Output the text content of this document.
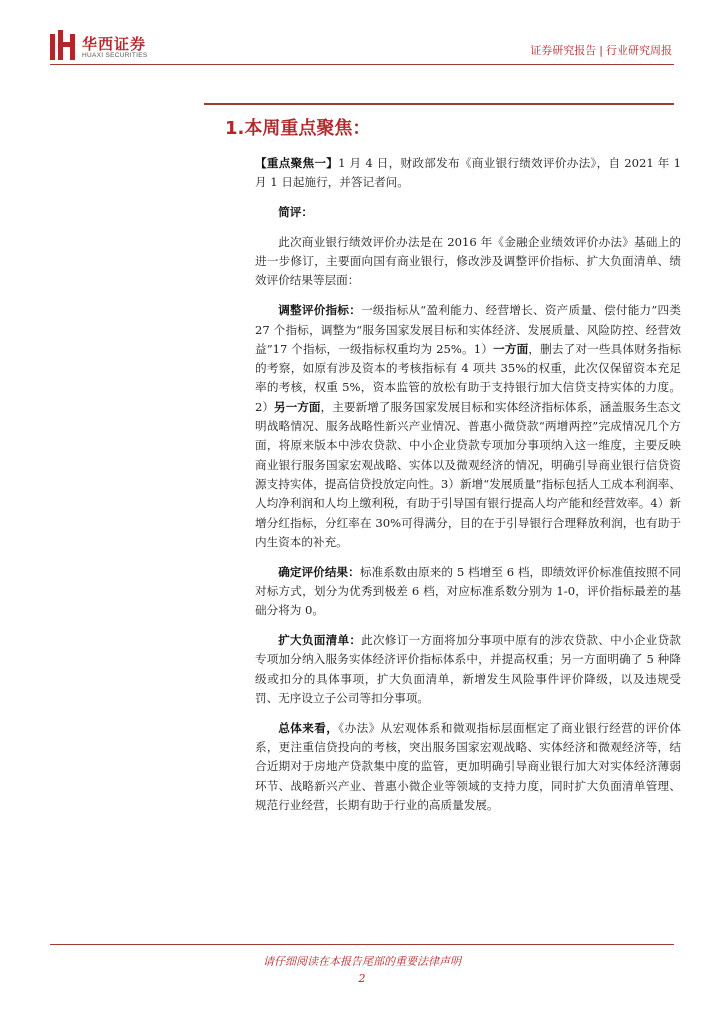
华西证券
HUAXI SECURITIES	证券研究报告 | 行业研究周报
1.本周重点聚焦：

【重点聚焦一】1 月 4 日，财政部发布《商业银行绩效评价办法》，自 2021 年 1 月 1 日起施行，并答记者问。

简评：

此次商业银行绩效评价办法是在 2016 年《金融企业绩效评价办法》基础上的进一步修订，主要面向国有商业银行，修改涉及调整评价指标、扩大负面清单、绩效评价结果等层面：

调整评价指标：一级指标从“盈利能力、经营增长、资产质量、偿付能力”四类 27 个指标，调整为“服务国家发展目标和实体经济、发展质量、风险防控、经营效益”17 个指标，一级指标权重均为 25%。1）一方面，删去了对一些具体财务指标的考察，如原有涉及资本的考核指标有 4 项共 35%的权重，此次仅保留资本充足率的考核，权重 5%，资本监管的放松有助于支持银行加大信贷支持实体的力度。2）另一方面，主要新增了服务国家发展目标和实体经济指标体系，涵盖服务生态文明战略情况、服务战略性新兴产业情况、普惠小微贷款“两增两控”完成情况几个方面，将原来版本中涉农贷款、中小企业贷款专项加分事项纳入这一维度，主要反映商业银行服务国家宏观战略、实体以及微观经济的情况，明确引导商业银行信贷资源支持实体，提高信贷投放定向性。3）新增“发展质量”指标包括人工成本利润率、人均净利润和人均上缴利税，有助于引导国有银行提高人均产能和经营效率。4）新增分红指标，分红率在 30%可得满分，目的在于引导银行合理释放利润，也有助于内生资本的补充。

确定评价结果：标准系数由原来的 5 档增至 6 档，即绩效评价标准值按照不同对标方式，划分为优秀到极差 6 档，对应标准系数分别为 1-0，评价指标最差的基础分将为 0。

扩大负面清单：此次修订一方面将加分事项中原有的涉农贷款、中小企业贷款专项加分纳入服务实体经济评价指标体系中，并提高权重；另一方面明确了 5 种降级或扣分的具体事项，扩大负面清单，新增发生风险事件评价降级，以及违规受罚、无序设立子公司等扣分事项。

总体来看，《办法》从宏观体系和微观指标层面框定了商业银行经营的评价体系，更注重信贷投向的考核，突出服务国家宏观战略、实体经济和微观经济等，结合近期对于房地产贷款集中度的监管，更加明确引导商业银行加大对实体经济薄弱环节、战略新兴产业、普惠小微企业等领域的支持力度，同时扩大负面清单管理、规范行业经营，长期有助于行业的高质量发展。

请仔细阅读在本报告尾部的重要法律声明
2
